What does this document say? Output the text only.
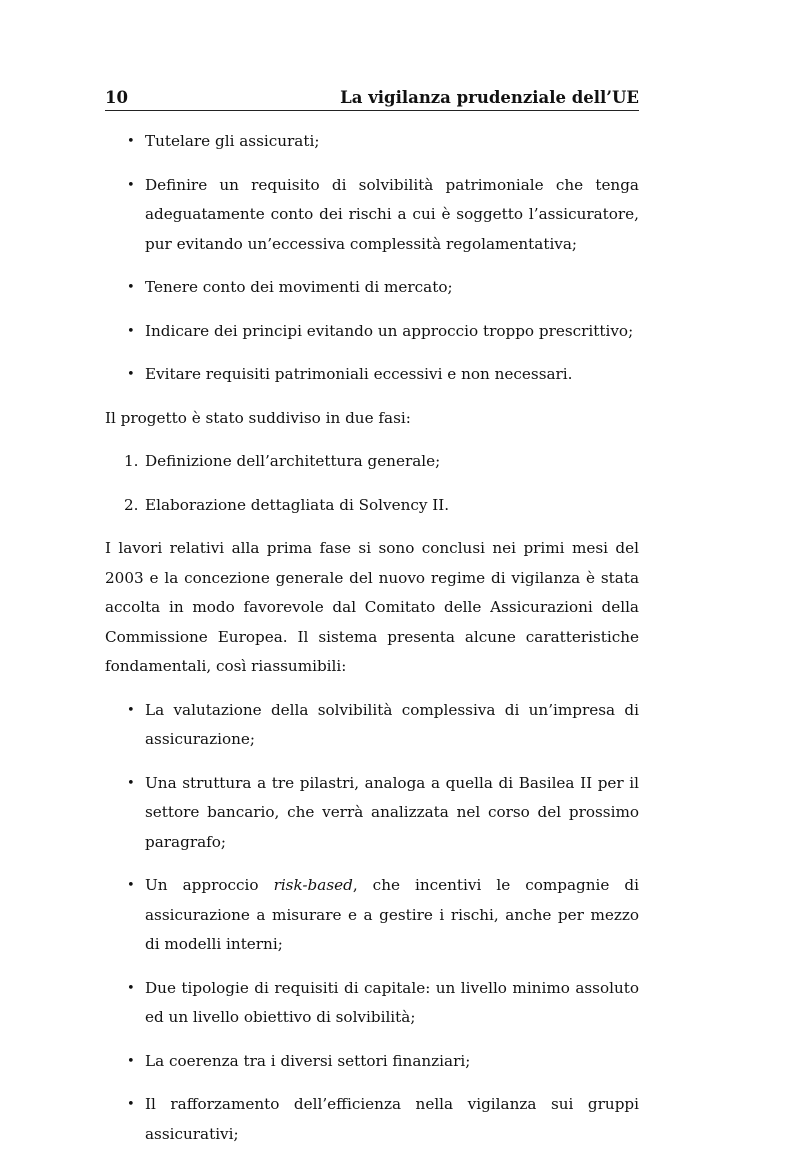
10	La vigilanza prudenziale dell’UE
• Tutelare gli assicurati;
• Definire un requisito di solvibilità patrimoniale che tenga adeguatamente conto dei rischi a cui è soggetto l’assicuratore, pur evitando un’eccessiva complessità regolamentativa;
• Tenere conto dei movimenti di mercato;
• Indicare dei principi evitando un approccio troppo prescrittivo;
• Evitare requisiti patrimoniali eccessivi e non necessari.

Il progetto è stato suddiviso in due fasi:

1. Definizione dell’architettura generale;
2. Elaborazione dettagliata di Solvency II.

I lavori relativi alla prima fase si sono conclusi nei primi mesi del 2003 e la concezione generale del nuovo regime di vigilanza è stata accolta in modo favorevole dal Comitato delle Assicurazioni della Commissione Europea. Il sistema presenta alcune caratteristiche fondamentali, così riassumibili:

• La valutazione della solvibilità complessiva di un’impresa di assicurazione;
• Una struttura a tre pilastri, analoga a quella di Basilea II per il settore bancario, che verrà analizzata nel corso del prossimo paragrafo;
• Un approccio risk-based, che incentivi le compagnie di assicurazione a misurare e a gestire i rischi, anche per mezzo di modelli interni;
• Due tipologie di requisiti di capitale: un livello minimo assoluto ed un livello obiettivo di solvibilità;
• La coerenza tra i diversi settori finanziari;
• Il rafforzamento dell’efficienza nella vigilanza sui gruppi assicurativi;
